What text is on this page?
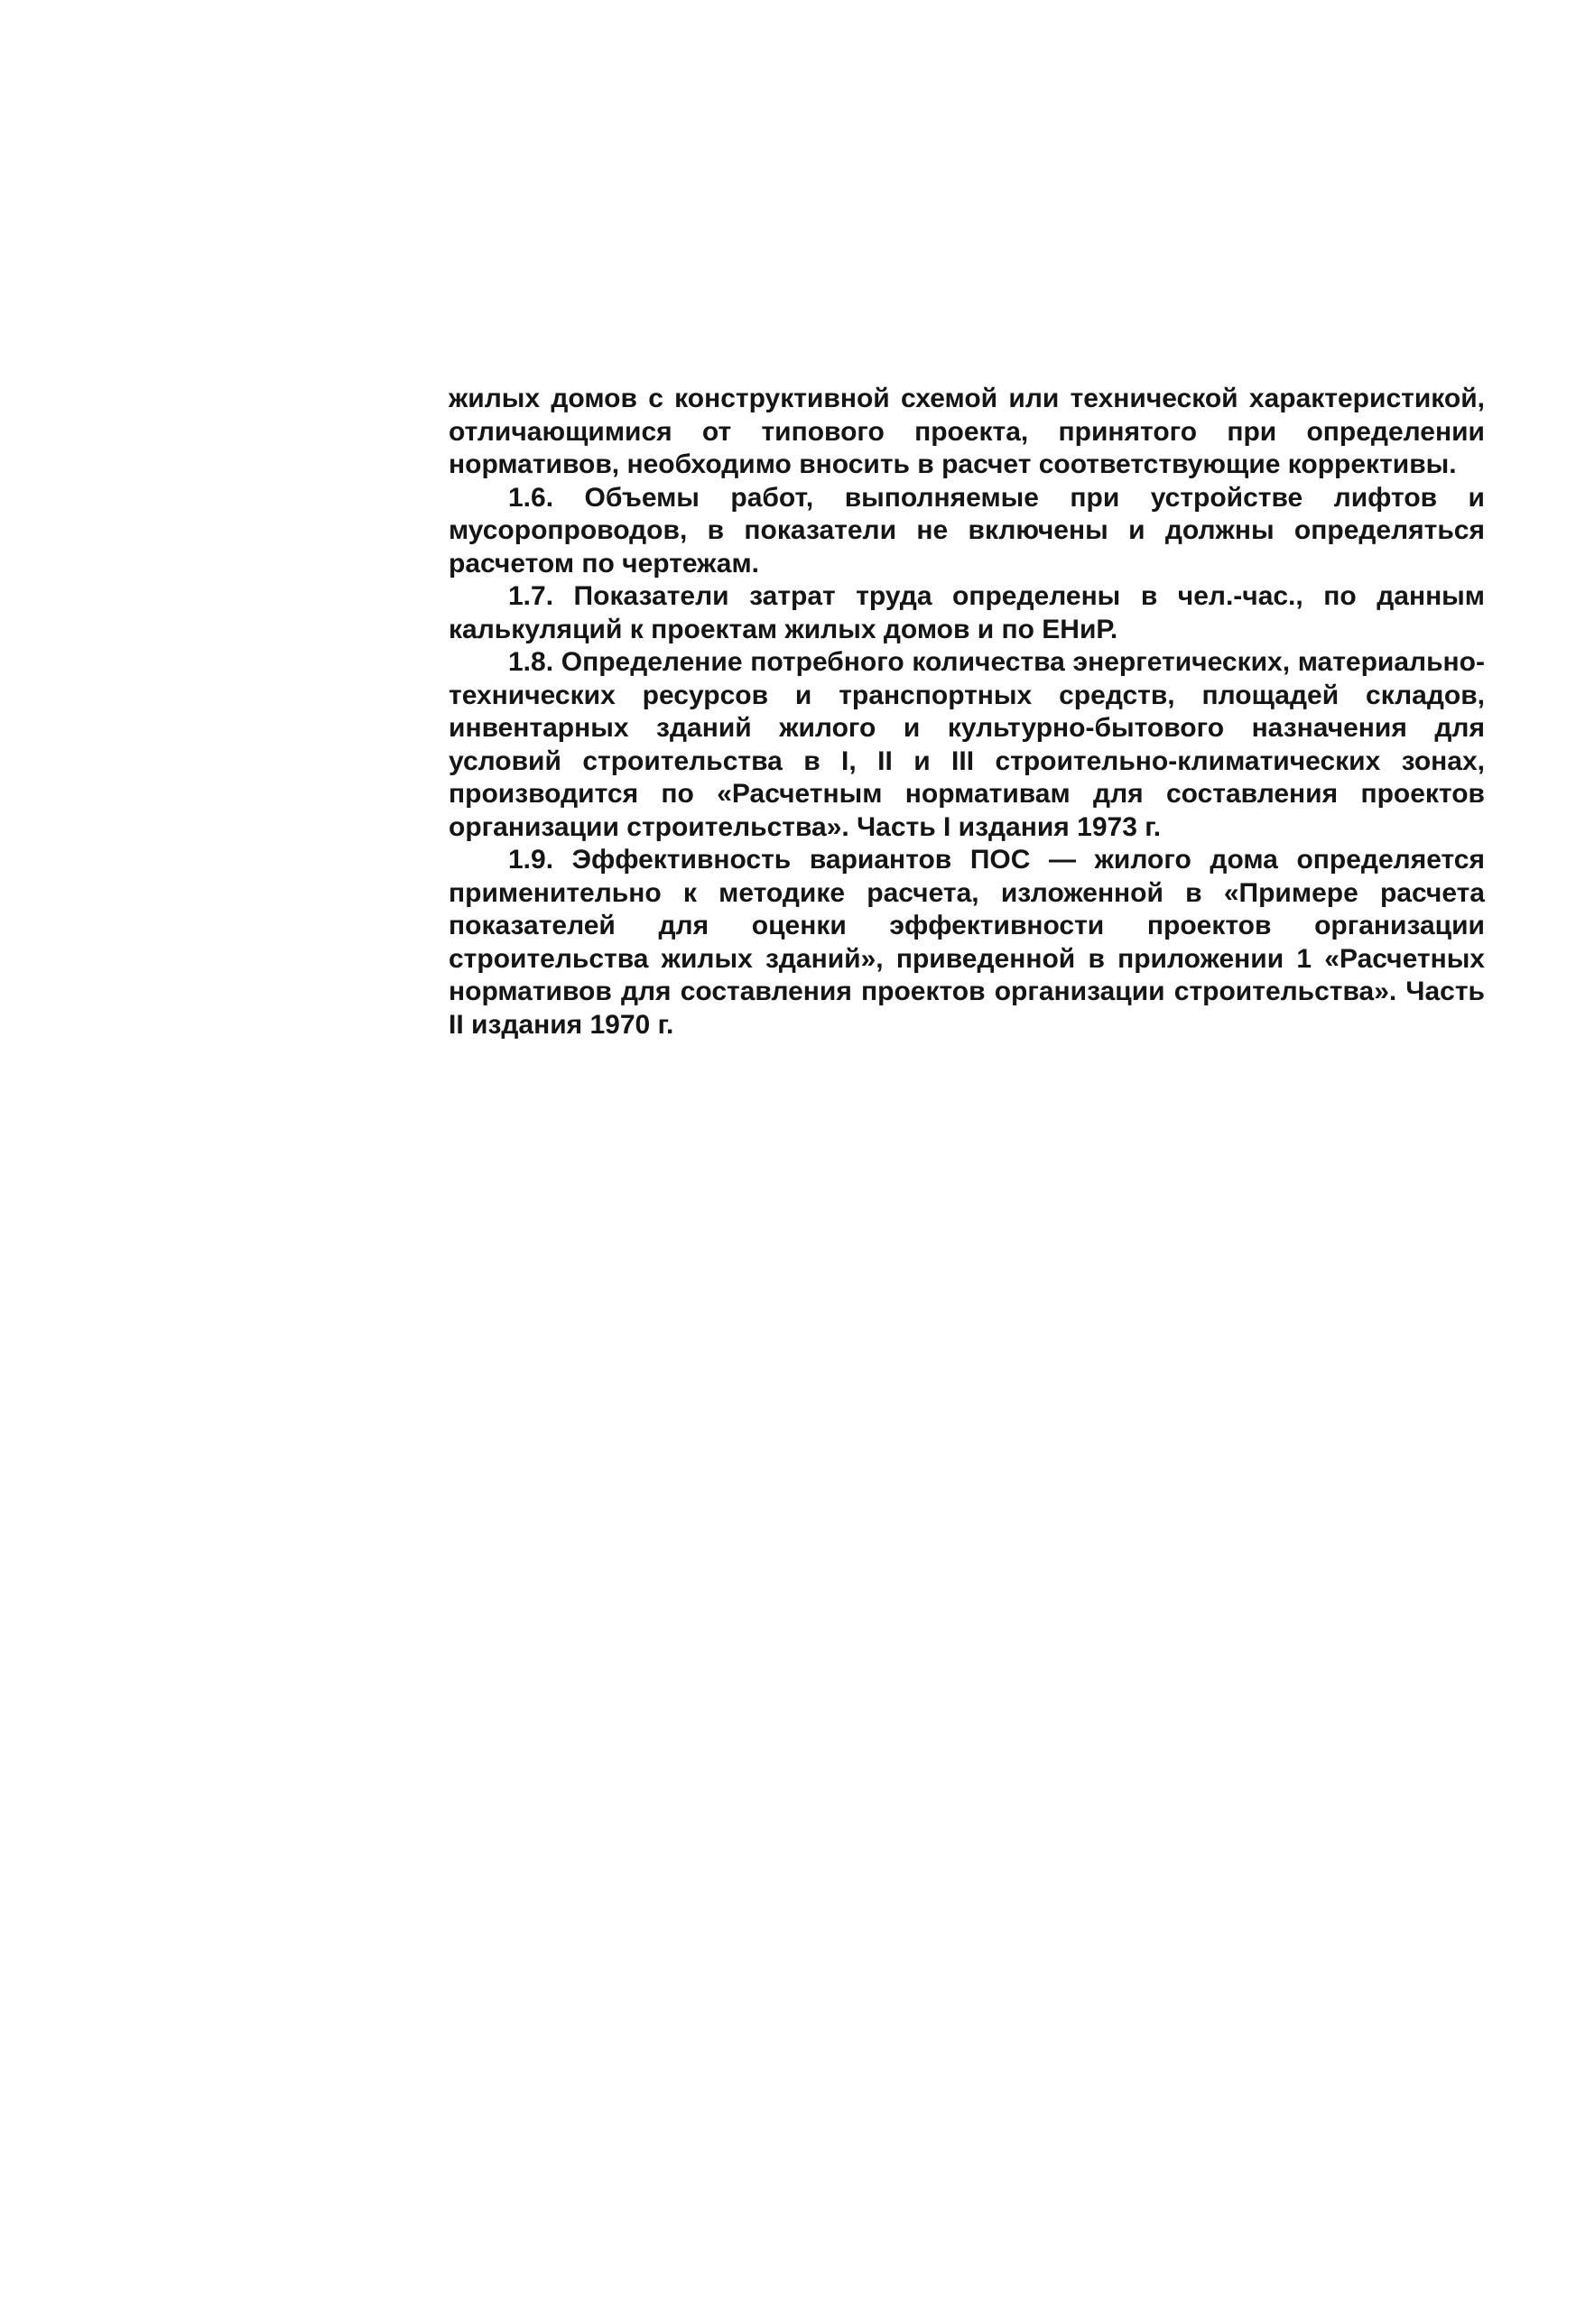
жилых домов с конструктивной схемой или технической характеристикой, отличающимися от типового проекта, принятого при определении нормативов, необходимо вносить в расчет соответствующие коррективы.

1.6. Объемы работ, выполняемые при устройстве лифтов и мусоропроводов, в показатели не включены и должны определяться расчетом по чертежам.

1.7. Показатели затрат труда определены в чел.-час., по данным калькуляций к проектам жилых домов и по ЕНиР.

1.8. Определение потребного количества энергетических, материально-технических ресурсов и транспортных средств, площадей складов, инвентарных зданий жилого и культурно-бытового назначения для условий строительства в I, II и III строительно-климатических зонах, производится по «Расчетным нормативам для составления проектов организации строительства». Часть I издания 1973 г.

1.9. Эффективность вариантов ПОС — жилого дома определяется применительно к методике расчета, изложенной в «Примере расчета показателей для оценки эффективности проектов организации строительства жилых зданий», приведенной в приложении 1 «Расчетных нормативов для составления проектов организации строительства». Часть II издания 1970 г.
